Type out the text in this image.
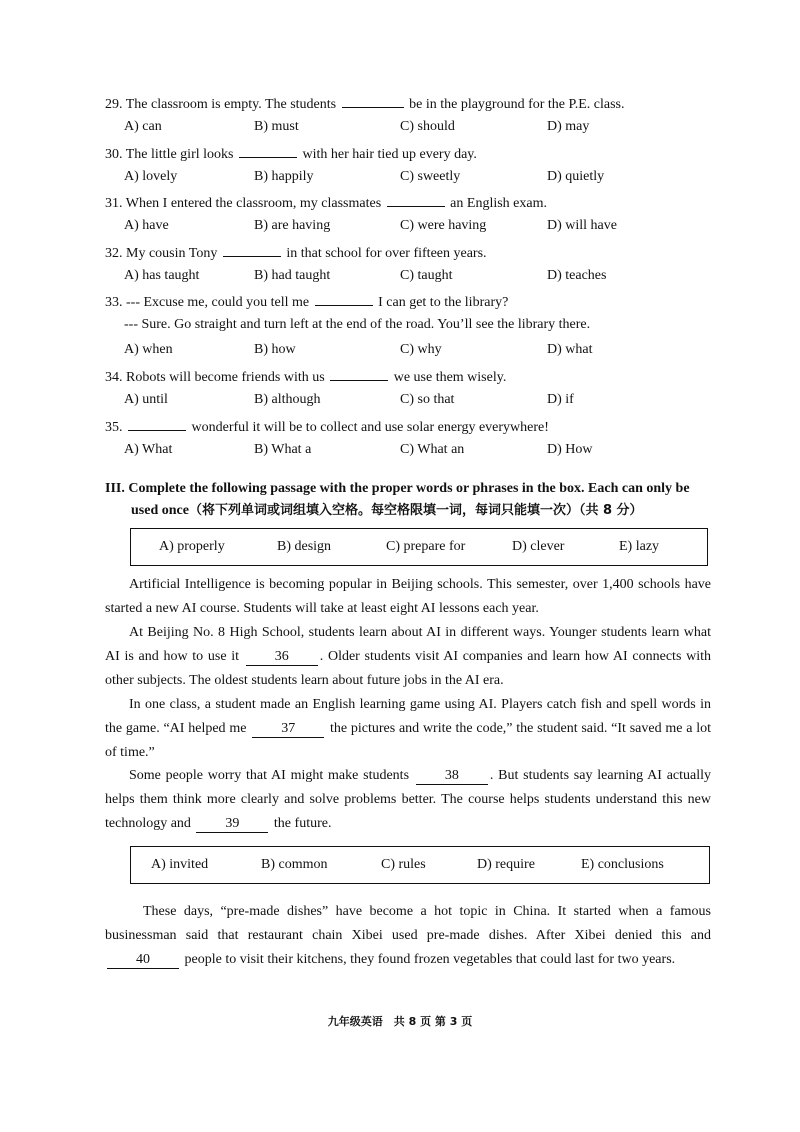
29. The classroom is empty. The students	be in the playground for the P.E. class.
A) can	B) must	C) should	D) may
30. The little girl looks	with her hair tied up every day.
A) lovely	B) happily	C) sweetly	D) quietly
31. When I entered the classroom, my classmates	an English exam.
A) have	B) are having	C) were having	D) will have
32. My cousin Tony	in that school for over fifteen years.
A) has taught	B) had taught	C) taught	D) teaches
33. --- Excuse me, could you tell me	I can get to the library?
--- Sure. Go straight and turn left at the end of the road. You’ll see the library there.
A) when	B) how	C) why	D) what
34. Robots will become friends with us	we use them wisely.
A) until	B) although	C) so that	D) if
35.	wonderful it will be to collect and use solar energy everywhere!
A) What	B) What a	C) What an	D) How
III. Complete the following passage with the proper words or phrases in the box. Each can only be
used once（将下列单词或词组填入空格。每空格限填一词，每词只能填一次）（共 8 分）
A) properly	B) design	C) prepare for	D) clever	E) lazy
Artificial Intelligence is becoming popular in Beijing schools. This semester, over 1,400 schools have started a new AI course. Students will take at least eight AI lessons each year.
At Beijing No. 8 High School, students learn about AI in different ways. Younger students learn what AI is and how to use it	36 . Older students visit AI companies and learn how AI connects with other subjects. The oldest students learn about future jobs in the AI era.
In one class, a student made an English learning game using AI. Players catch fish and spell words in the game. “AI helped me 37 the pictures and write the code,” the student said. “It saved me a lot of time.”
Some people worry that AI might make students	38 . But students say learning AI actually helps them think more clearly and solve problems better. The course helps students understand this new technology and 39 the future.
A) invited	B) common	C) rules	D) require	E) conclusions
These days, “pre-made dishes” have become a hot topic in China. It started when a famous businessman said that restaurant chain Xibei used pre-made dishes. After Xibei denied this and 40 people to visit their kitchens, they found frozen vegetables that could last for two years.
九年级英语　共 8 页 第 3 页
